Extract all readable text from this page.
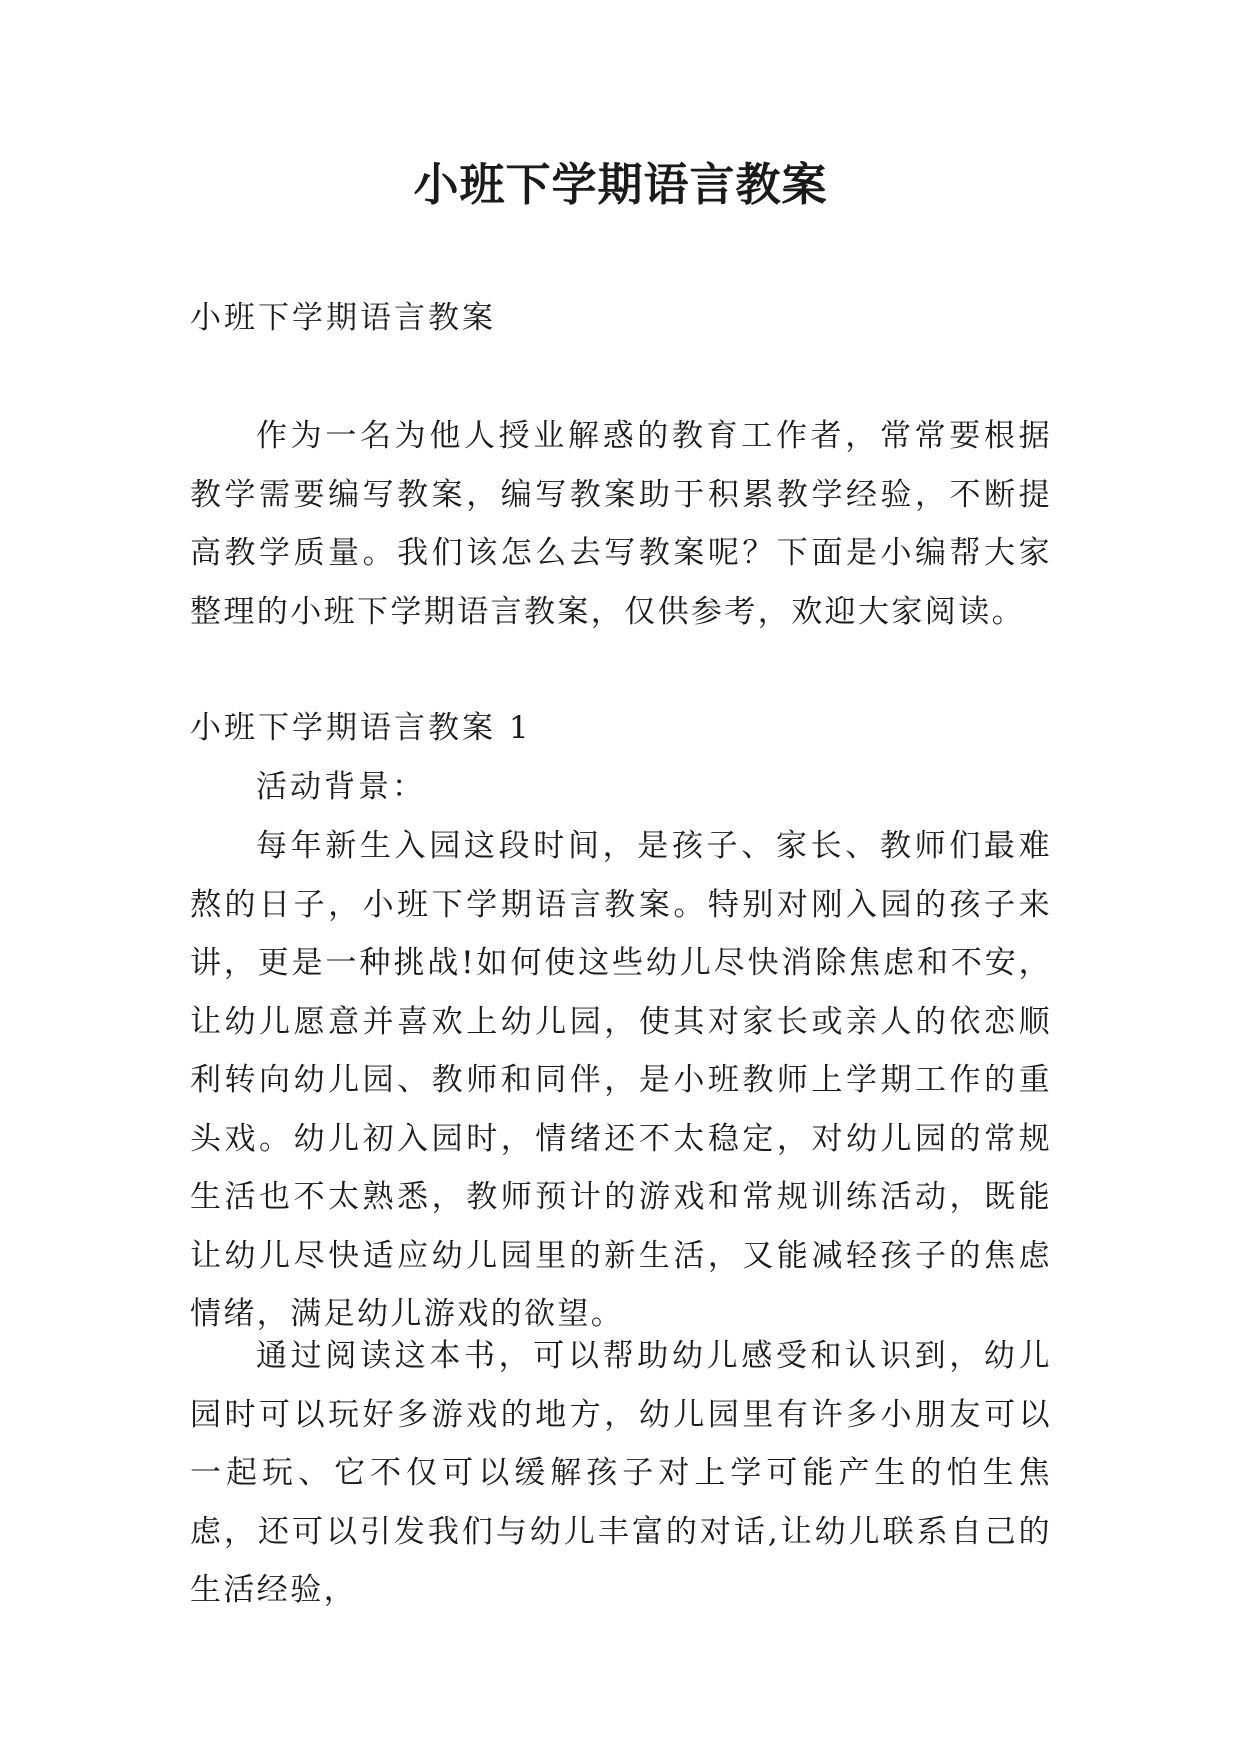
小班下学期语言教案

小班下学期语言教案

作为一名为他人授业解惑的教育工作者，常常要根据教学需要编写教案，编写教案助于积累教学经验，不断提高教学质量。我们该怎么去写教案呢？下面是小编帮大家整理的小班下学期语言教案，仅供参考，欢迎大家阅读。

小班下学期语言教案 1

活动背景：

每年新生入园这段时间，是孩子、家长、教师们最难熬的日子，小班下学期语言教案。特别对刚入园的孩子来讲，更是一种挑战!如何使这些幼儿尽快消除焦虑和不安，让幼儿愿意并喜欢上幼儿园，使其对家长或亲人的依恋顺利转向幼儿园、教师和同伴，是小班教师上学期工作的重头戏。幼儿初入园时，情绪还不太稳定，对幼儿园的常规生活也不太熟悉，教师预计的游戏和常规训练活动，既能让幼儿尽快适应幼儿园里的新生活，又能减轻孩子的焦虑情绪，满足幼儿游戏的欲望。

通过阅读这本书，可以帮助幼儿感受和认识到，幼儿园时可以玩好多游戏的地方，幼儿园里有许多小朋友可以一起玩、它不仅可以缓解孩子对上学可能产生的怕生焦虑，还可以引发我们与幼儿丰富的对话,让幼儿联系自己的生活经验，
